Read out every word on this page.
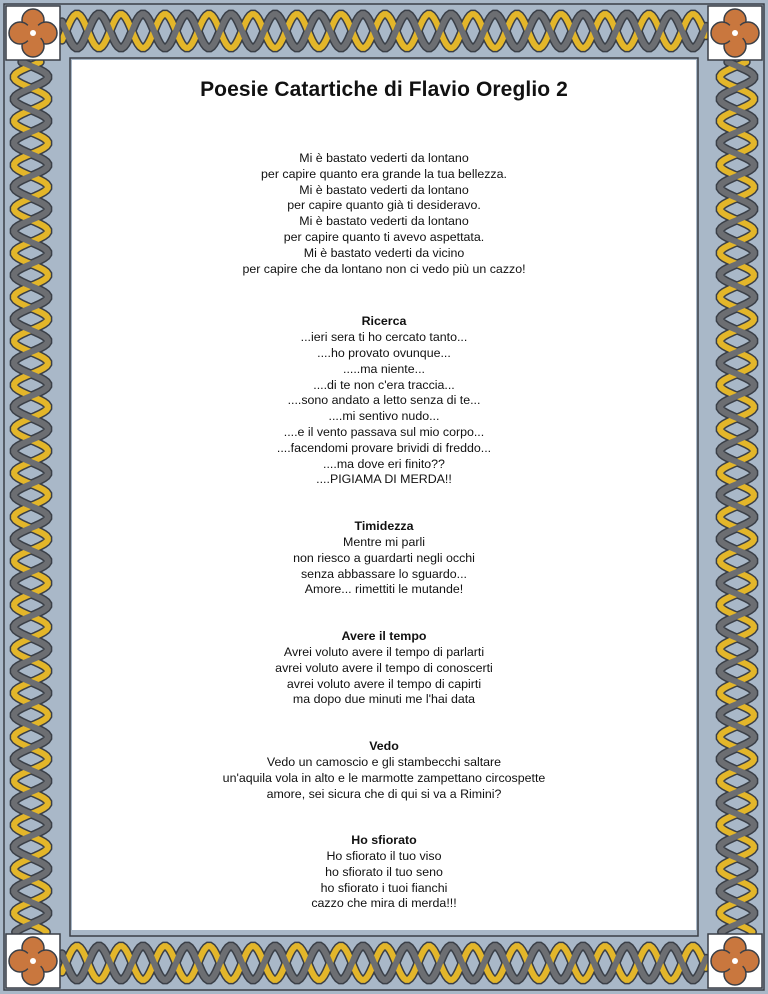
Poesie Catartiche di Flavio Oreglio 2
Mi è bastato vederti da lontano
per capire quanto era grande la tua bellezza.
Mi è bastato vederti da lontano
per capire quanto già ti desideravo.
Mi è bastato vederti da lontano
per capire quanto ti avevo aspettata.
Mi è bastato vederti da vicino
per capire che da lontano non ci vedo più un cazzo!
Ricerca
...ieri sera ti ho cercato tanto...
....ho provato ovunque...
.....ma niente...
....di te non c'era traccia...
....sono andato a letto senza di te...
....mi sentivo nudo...
....e il vento passava sul mio corpo...
....facendomi provare brividi di freddo...
....ma dove eri finito??
....PIGIAMA DI MERDA!!
Timidezza
Mentre mi parli
non riesco a guardarti negli occhi
senza abbassare lo sguardo...
Amore... rimettiti le mutande!
Avere il tempo
Avrei voluto avere il tempo di parlarti
avrei voluto avere il tempo di conoscerti
avrei voluto avere il tempo di capirti
ma dopo due minuti me l'hai data
Vedo
Vedo un camoscio e gli stambecchi saltare
un'aquila vola in alto e le marmotte zampettano circospette
amore, sei sicura che di qui si va a Rimini?
Ho sfiorato
Ho sfiorato il tuo viso
ho sfiorato il tuo seno
ho sfiorato i tuoi fianchi
cazzo che mira di merda!!!
